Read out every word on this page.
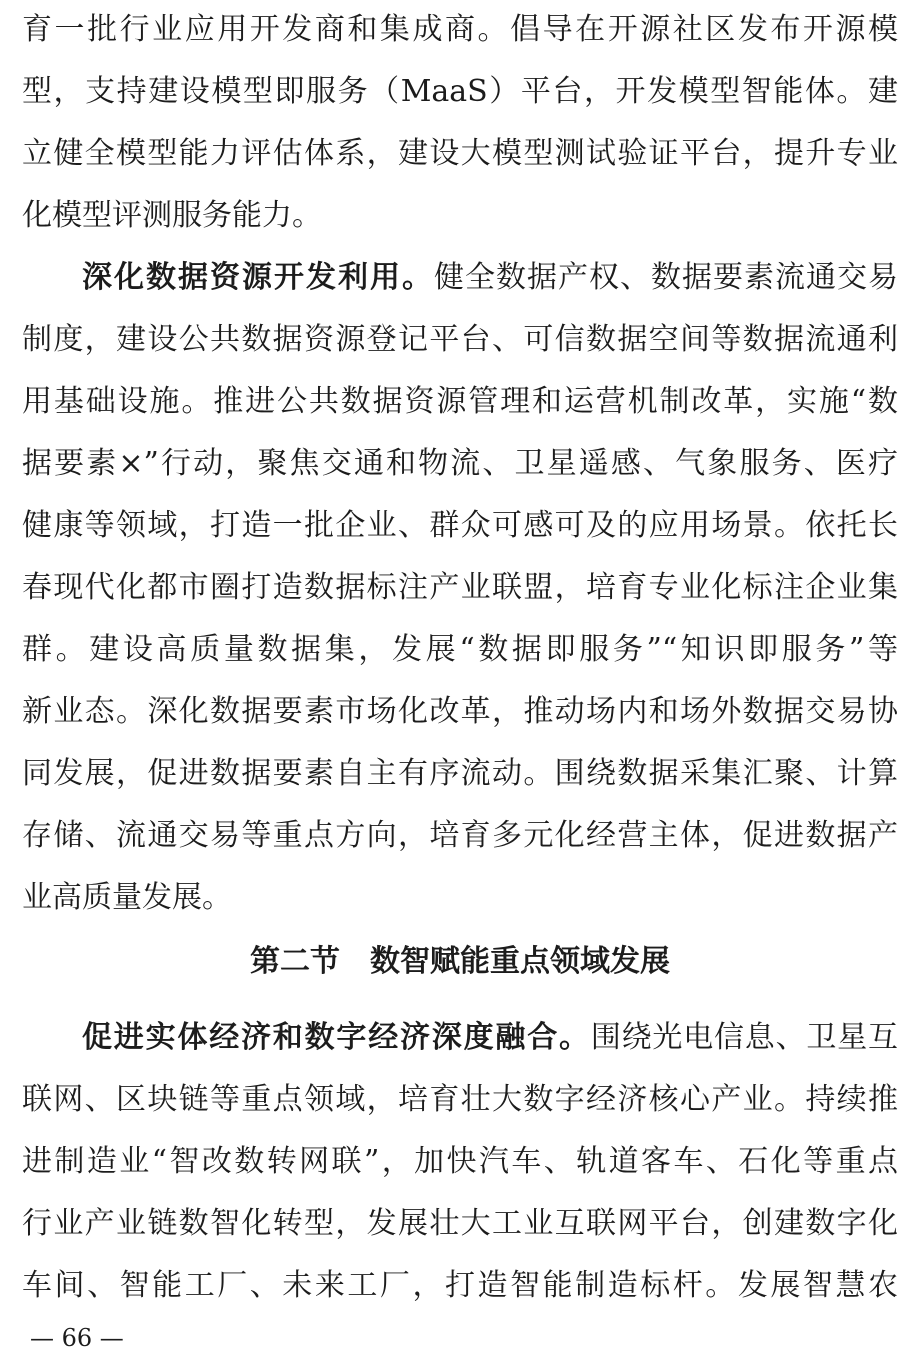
育一批行业应用开发商和集成商。倡导在开源社区发布开源模
型，支持建设模型即服务（MaaS）平台，开发模型智能体。建
立健全模型能力评估体系，建设大模型测试验证平台，提升专业
化模型评测服务能力。
深化数据资源开发利用。健全数据产权、数据要素流通交易
制度，建设公共数据资源登记平台、可信数据空间等数据流通利
用基础设施。推进公共数据资源管理和运营机制改革，实施“数
据要素×”行动，聚焦交通和物流、卫星遥感、气象服务、医疗
健康等领域，打造一批企业、群众可感可及的应用场景。依托长
春现代化都市圈打造数据标注产业联盟，培育专业化标注企业集
群。建设高质量数据集，发展“数据即服务”“知识即服务”等
新业态。深化数据要素市场化改革，推动场内和场外数据交易协
同发展，促进数据要素自主有序流动。围绕数据采集汇聚、计算
存储、流通交易等重点方向，培育多元化经营主体，促进数据产
业高质量发展。
第二节　数智赋能重点领域发展
促进实体经济和数字经济深度融合。围绕光电信息、卫星互
联网、区块链等重点领域，培育壮大数字经济核心产业。持续推
进制造业“智改数转网联”，加快汽车、轨道客车、石化等重点
行业产业链数智化转型，发展壮大工业互联网平台，创建数字化
车间、智能工厂、未来工厂，打造智能制造标杆。发展智慧农
— 66 —
